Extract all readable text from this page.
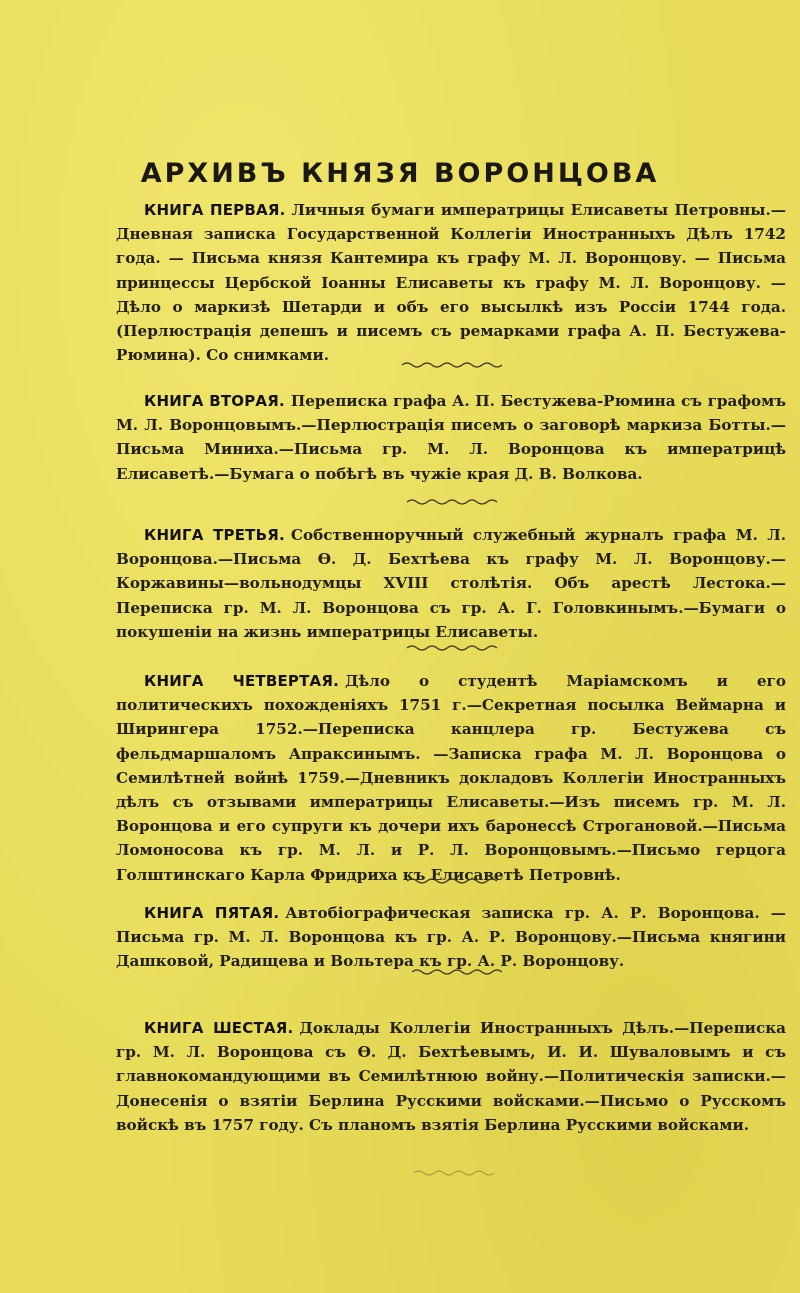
АРХИВЪ КНЯЗЯ ВОРОНЦОВА
КНИГА ПЕРВАЯ. Личныя бумаги императрицы Елисаветы Петровны.—Дневная записка Государственной Коллегіи Иностранныхъ Дѣлъ 1742 года. — Письма князя Кантемира къ графу М. Л. Воронцову. — Письма принцессы Цербской Іоанны Елисаветы къ графу М. Л. Воронцову. — Дѣло о маркизѣ Шетарди и объ его высылкѣ изъ Россіи 1744 года. (Перлюстрація депешъ и писемъ съ ремарками графа А. П. Бестужева-Рюмина). Со снимками.
КНИГА ВТОРАЯ. Переписка графа А. П. Бестужева-Рюмина съ графомъ М. Л. Воронцовымъ.—Перлюстрація писемъ о заговорѣ маркиза Ботты.—Письма Миниха.—Письма гр. М. Л. Воронцова къ императрицѣ Елисаветѣ.—Бумага о побѣгѣ въ чужіе края Д. В. Волкова.
КНИГА ТРЕТЬЯ. Собственноручный служебный журналъ графа М. Л. Воронцова.—Письма Ѳ. Д. Бехтѣева къ графу М. Л. Воронцову.—Коржавины—вольнодумцы XVIII столѣтія. Объ арестѣ Лестока.—Переписка гр. М. Л. Воронцова съ гр. А. Г. Головкинымъ.—Бумаги о покушеніи на жизнь императрицы Елисаветы.
КНИГА ЧЕТВЕРТАЯ. Дѣло о студентѣ Маріамскомъ и его политическихъ похожденіяхъ 1751 г.—Секретная посылка Веймарна и Ширингера 1752.—Переписка канцлера гр. Бестужева съ фельдмаршаломъ Апраксинымъ. —Записка графа М. Л. Воронцова о Семилѣтней войнѣ 1759.—Дневникъ докладовъ Коллегіи Иностранныхъ дѣлъ съ отзывами императрицы Елисаветы.—Изъ писемъ гр. М. Л. Воронцова и его супруги къ дочери ихъ баронессѣ Строгановой.—Письма Ломоносова къ гр. М. Л. и Р. Л. Воронцовымъ.—Письмо герцога Голштинскаго Карла Фридриха къ Елисаветѣ Петровнѣ.
КНИГА ПЯТАЯ. Автобіографическая записка гр. А. Р. Воронцова. — Письма гр. М. Л. Воронцова къ гр. А. Р. Воронцову.—Письма княгини Дашковой, Радищева и Вольтера къ гр. А. Р. Воронцову.
КНИГА ШЕСТАЯ. Доклады Коллегіи Иностранныхъ Дѣлъ.—Переписка гр. М. Л. Воронцова съ Ѳ. Д. Бехтѣевымъ, И. И. Шуваловымъ и съ главнокомандующими въ Семилѣтнюю войну.—Политическія записки.—Донесенія о взятіи Берлина Русскими войсками.—Письмо о Русскомъ войскѣ въ 1757 году. Съ планомъ взятія Берлина Русскими войсками.
